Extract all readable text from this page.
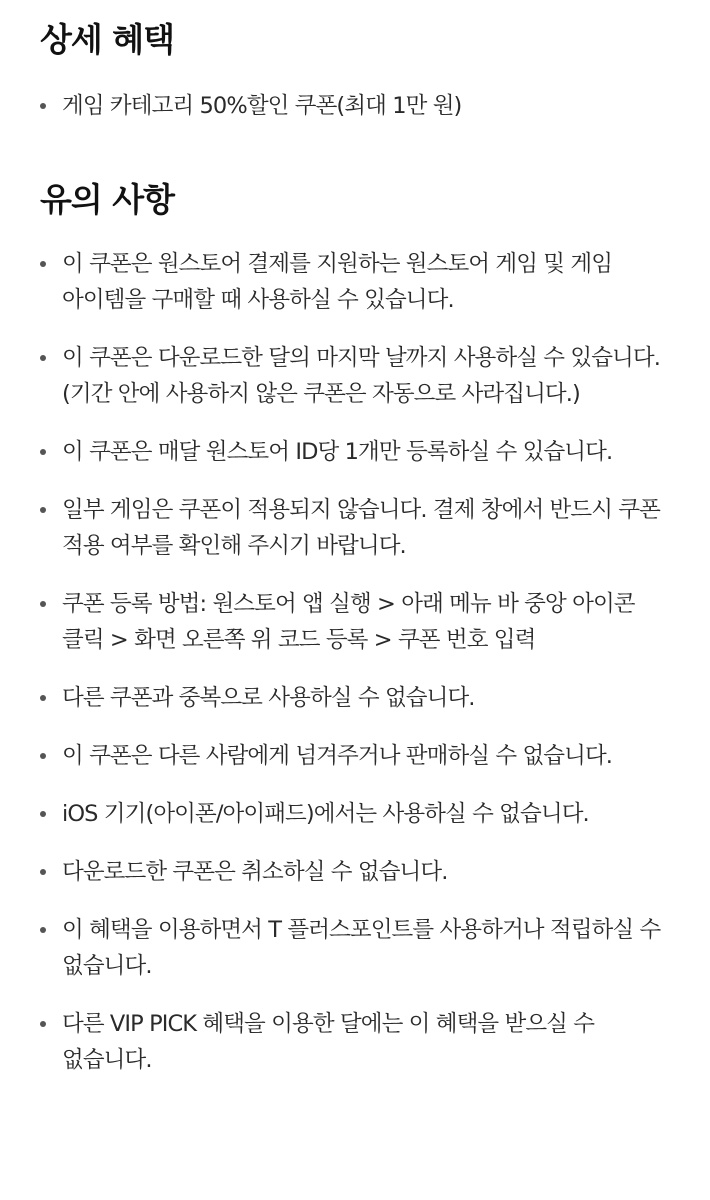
상세 혜택
게임 카테고리 50%할인 쿠폰(최대 1만 원)
유의 사항
이 쿠폰은 원스토어 결제를 지원하는 원스토어 게임 및 게임 아이템을 구매할 때 사용하실 수 있습니다.
이 쿠폰은 다운로드한 달의 마지막 날까지 사용하실 수 있습니다.(기간 안에 사용하지 않은 쿠폰은 자동으로 사라집니다.)
이 쿠폰은 매달 원스토어 ID당 1개만 등록하실 수 있습니다.
일부 게임은 쿠폰이 적용되지 않습니다. 결제 창에서 반드시 쿠폰 적용 여부를 확인해 주시기 바랍니다.
쿠폰 등록 방법: 원스토어 앱 실행 > 아래 메뉴 바 중앙 아이콘 클릭 > 화면 오른쪽 위 코드 등록 > 쿠폰 번호 입력
다른 쿠폰과 중복으로 사용하실 수 없습니다.
이 쿠폰은 다른 사람에게 넘겨주거나 판매하실 수 없습니다.
iOS 기기(아이폰/아이패드)에서는 사용하실 수 없습니다.
다운로드한 쿠폰은 취소하실 수 없습니다.
이 혜택을 이용하면서 T 플러스포인트를 사용하거나 적립하실 수 없습니다.
다른 VIP PICK 혜택을 이용한 달에는 이 혜택을 받으실 수 없습니다.
